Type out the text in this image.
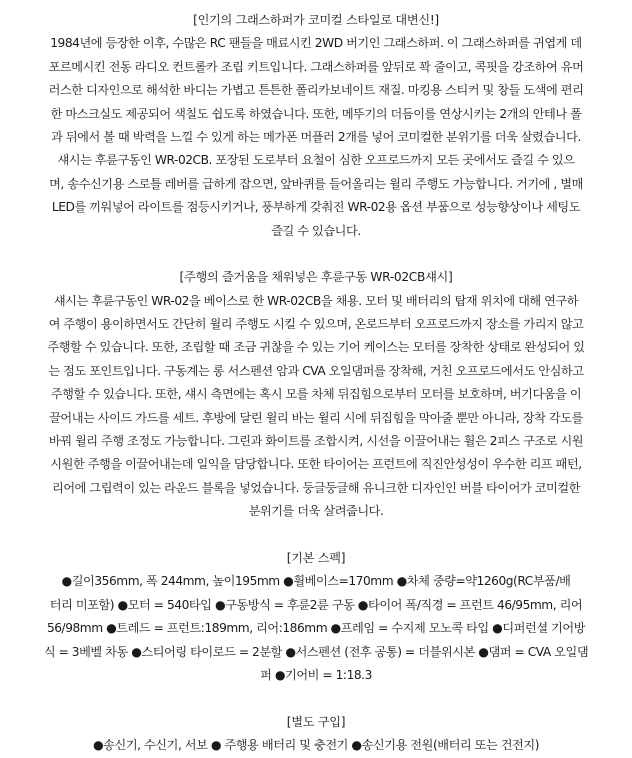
[인기의 그래스하퍼가 코미컬 스타일로 대변신!]
1984년에 등장한 이후, 수많은 RC 팬들을 매료시킨 2WD 버기인 그래스하퍼. 이 그래스하퍼를 귀엽게 데
포르메시킨 전동 라디오 컨트롤카 조립 키트입니다. 그래스하퍼를 앞뒤로 꽉 줄이고, 콕핏을 강조하여 유머
러스한 디자인으로 해석한 바디는 가볍고 튼튼한 폴리카보네이트 재질. 마킹용 스티커 및 창들 도색에 편리
한 마스크실도 제공되어 색칠도 쉽도록 하였습니다. 또한, 메뚜기의 더듬이를 연상시키는 2개의 안테나 폴
과 뒤에서 볼 때 박력을 느낄 수 있게 하는 메가폰 머플러 2개를 넣어 코미컬한 분위기를 더욱 살렸습니다.
섀시는 후륜구동인 WR-02CB. 포장된 도로부터 요철이 심한 오프로드까지 모든 곳에서도 즐길 수 있으
며, 송수신기용 스로틀 레버를 급하게 잡으면, 앞바퀴를 들어올리는 윌리 주행도 가능합니다. 거기에 , 별매
LED를 끼워넣어 라이트를 점등시키거나, 풍부하게 갖춰진 WR-02용 옵션 부품으로 성능향상이나 세팅도
즐길 수 있습니다.
[주행의 즐거움을 채워넣은 후륜구동 WR-02CB섀시]
섀시는 후륜구동인 WR-02을 베이스로 한 WR-02CB을 채용. 모터 및 배터리의 탑재 위치에 대해 연구하
여 주행이 용이하면서도 간단히 윌리 주행도 시킬 수 있으며, 온로드부터 오프로드까지 장소를 가리지 않고
주행할 수 있습니다. 또한, 조립할 때 조금 귀찮을 수 있는 기어 케이스는 모터를 장착한 상태로 완성되어 있
는 점도 포인트입니다. 구동계는 롱 서스펜션 암과 CVA 오일댐퍼를 장착해, 거친 오프로드에서도 안심하고
주행할 수 있습니다. 또한, 섀시 측면에는 혹시 모를 차체 뒤집힘으로부터 모터를 보호하며, 버기다움을 이
끌어내는 사이드 가드를 세트. 후방에 달린 윌리 바는 윌리 시에 뒤집힘을 막아줄 뿐만 아니라, 장착 각도를
바꿔 윌리 주행 조정도 가능합니다. 그린과 화이트를 조합시켜, 시선을 이끌어내는 휠은 2피스 구조로 시원
시원한 주행을 이끌어내는데 일익을 담당합니다. 또한 타이어는 프런트에 직진안성성이 우수한 리프 패턴,
리어에 그립력이 있는 라운드 블록을 넣었습니다. 둥글둥글해 유니크한 디자인인 버블 타이어가 코미컬한
분위기를 더욱 살려줍니다.
[기본 스펙]
●길이356mm, 폭 244mm, 높이195mm ●휠베이스=170mm ●차체 중량=약1260g(RC부품/배
터리 미포함) ●모터 = 540타입 ●구동방식 = 후륜2륜 구동 ●타이어 폭/직경 = 프런트 46/95mm, 리어
56/98mm ●트레드 = 프런트:189mm, 리어:186mm ●프레임 = 수지제 모노콕 타입 ●디퍼런셜 기어방
식 = 3베벨 차동 ●스티어링 타이로드 = 2분할 ●서스펜션 (전후 공통) = 더블위시본 ●댐퍼 = CVA 오일댐
퍼 ●기어비 = 1:18.3
[별도 구입]
●송신기, 수신기, 서보 ● 주행용 배터리 및 충전기 ●송신기용 전원(배터리 또는 건전지)
